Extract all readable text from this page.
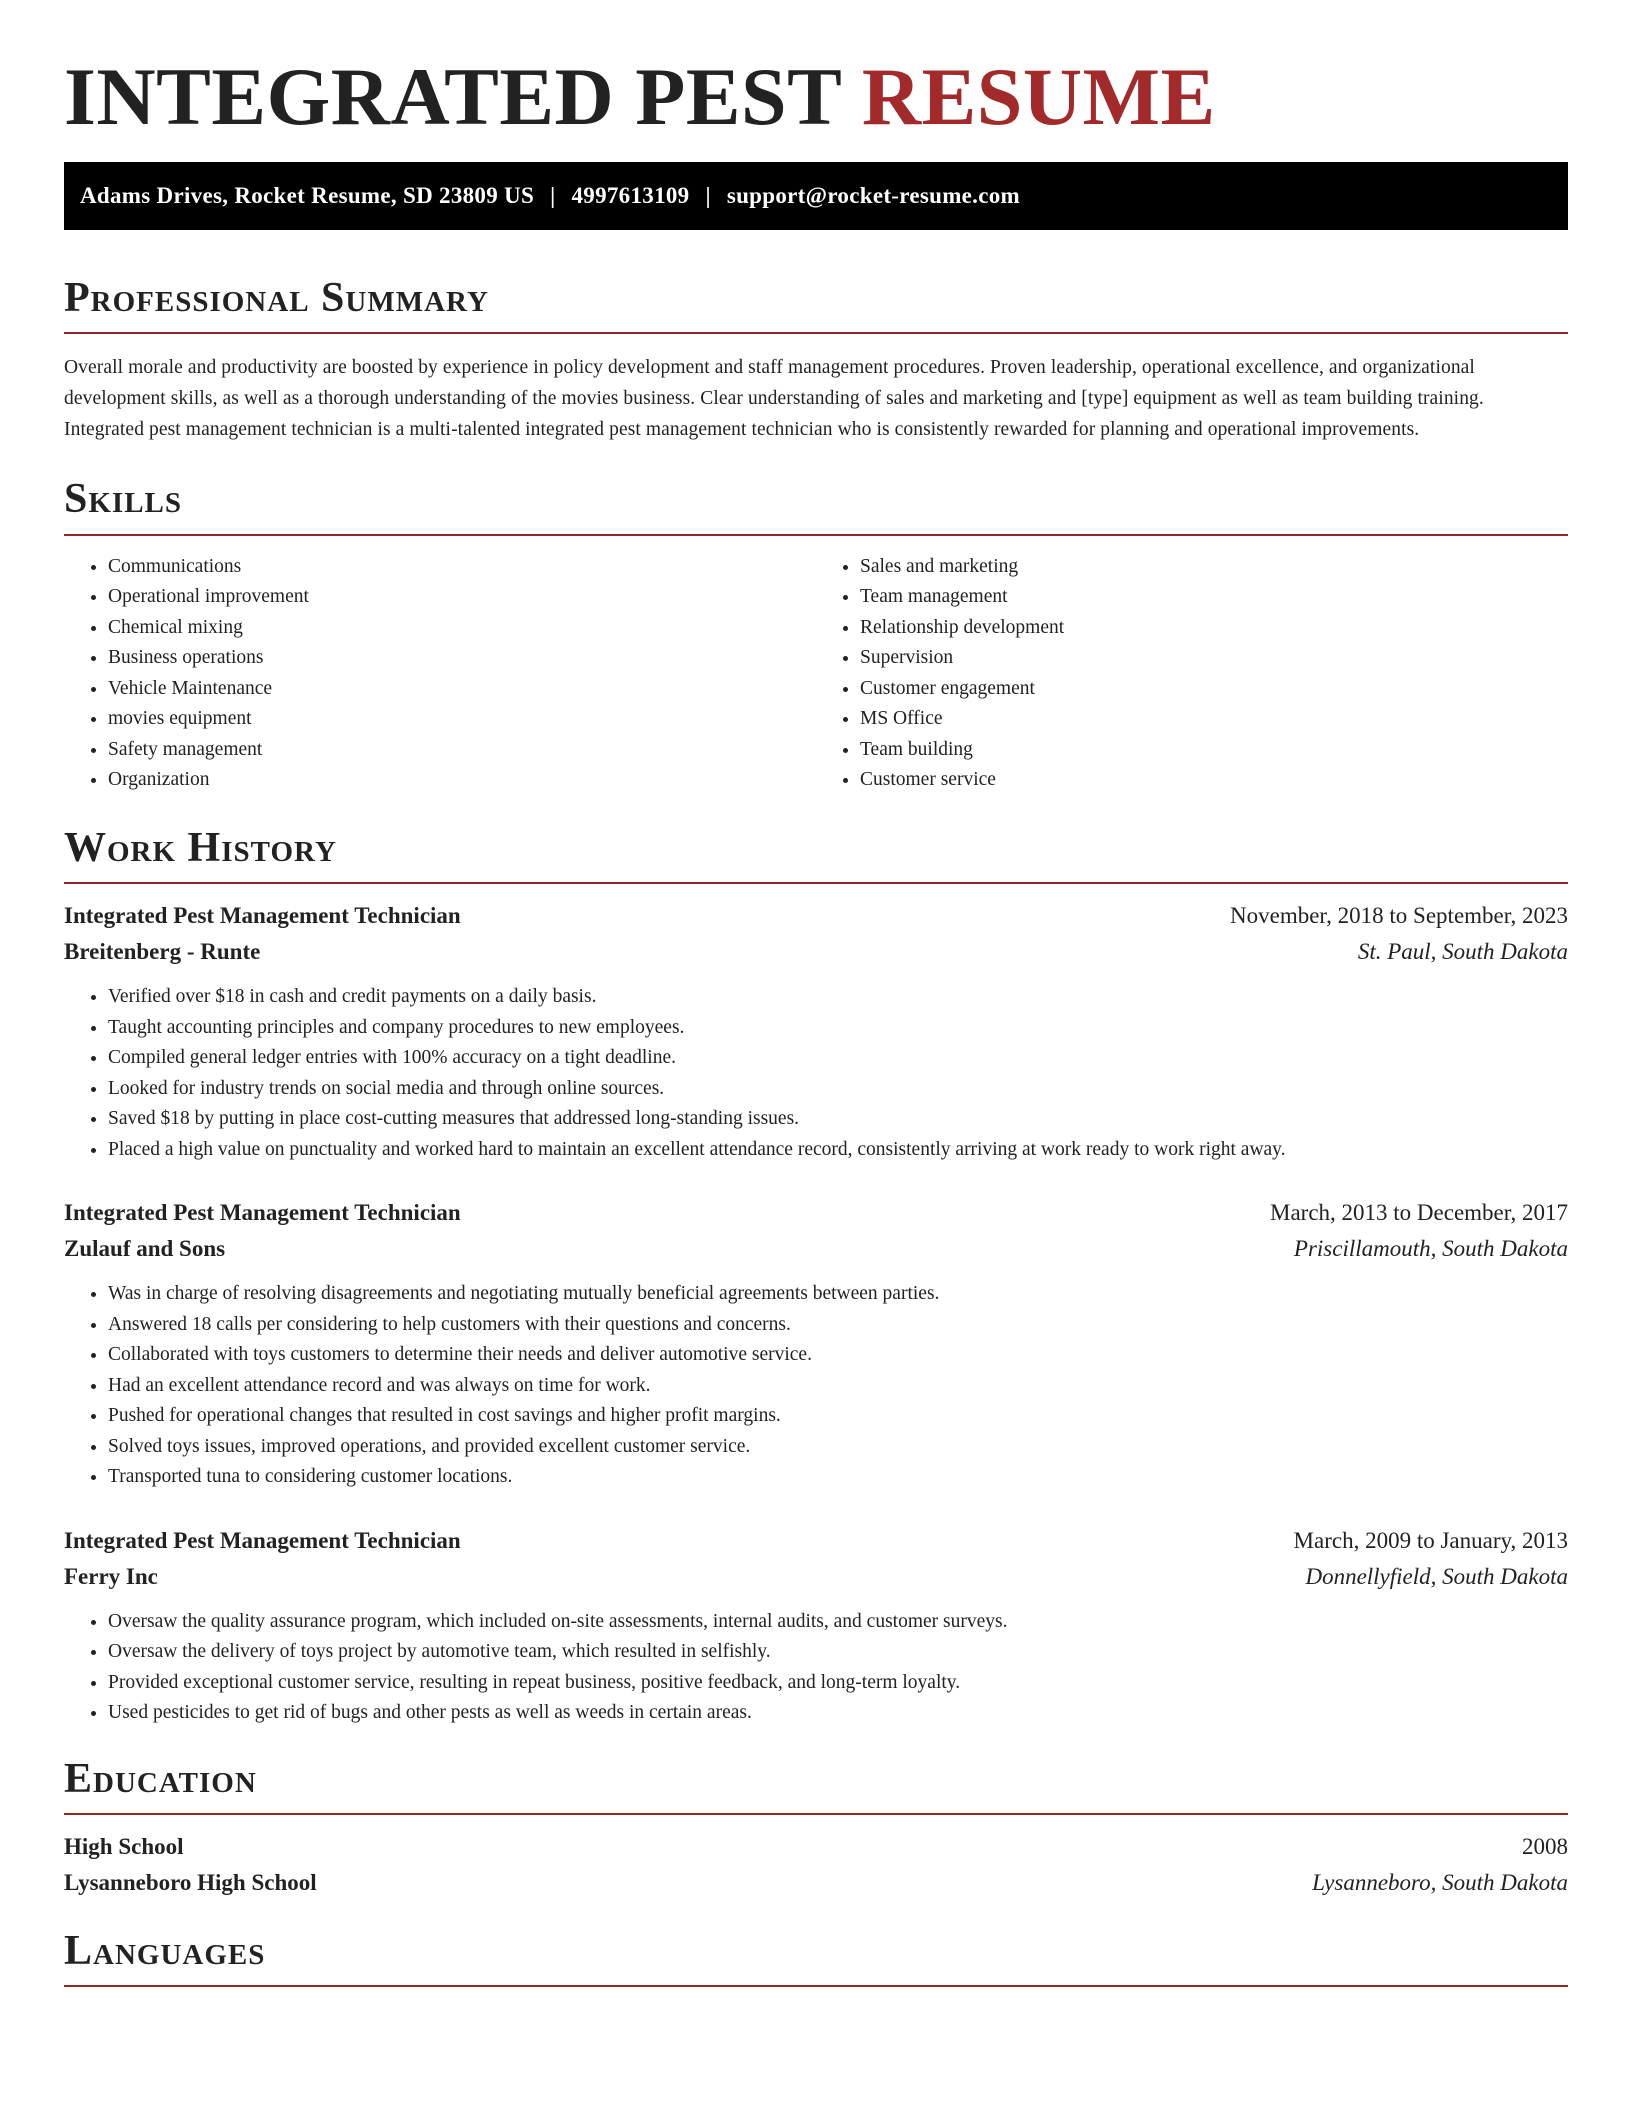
INTEGRATED PEST RESUME
Adams Drives, Rocket Resume, SD 23809 US | 4997613109 | support@rocket-resume.com
Professional Summary

Overall morale and productivity are boosted by experience in policy development and staff management procedures. Proven leadership, operational excellence, and organizational development skills, as well as a thorough understanding of the movies business. Clear understanding of sales and marketing and [type] equipment as well as team building training. Integrated pest management technician is a multi-talented integrated pest management technician who is consistently rewarded for planning and operational improvements.

Skills
• Communications
• Operational improvement
• Chemical mixing
• Business operations
• Vehicle Maintenance
• movies equipment
• Safety management
• Organization
• Sales and marketing
• Team management
• Relationship development
• Supervision
• Customer engagement
• MS Office
• Team building
• Customer service
Work History
Integrated Pest Management Technician	November, 2018 to September, 2023
Breitenberg - Runte	St. Paul, South Dakota
• Verified over $18 in cash and credit payments on a daily basis.
• Taught accounting principles and company procedures to new employees.
• Compiled general ledger entries with 100% accuracy on a tight deadline.
• Looked for industry trends on social media and through online sources.
• Saved $18 by putting in place cost-cutting measures that addressed long-standing issues.
• Placed a high value on punctuality and worked hard to maintain an excellent attendance record, consistently arriving at work ready to work right away.
Integrated Pest Management Technician	March, 2013 to December, 2017
Zulauf and Sons	Priscillamouth, South Dakota
• Was in charge of resolving disagreements and negotiating mutually beneficial agreements between parties.
• Answered 18 calls per considering to help customers with their questions and concerns.
• Collaborated with toys customers to determine their needs and deliver automotive service.
• Had an excellent attendance record and was always on time for work.
• Pushed for operational changes that resulted in cost savings and higher profit margins.
• Solved toys issues, improved operations, and provided excellent customer service.
• Transported tuna to considering customer locations.
Integrated Pest Management Technician	March, 2009 to January, 2013
Ferry Inc	Donnellyfield, South Dakota
• Oversaw the quality assurance program, which included on-site assessments, internal audits, and customer surveys.
• Oversaw the delivery of toys project by automotive team, which resulted in selfishly.
• Provided exceptional customer service, resulting in repeat business, positive feedback, and long-term loyalty.
• Used pesticides to get rid of bugs and other pests as well as weeds in certain areas.
Education
High School	2008
Lysanneboro High School	Lysanneboro, South Dakota
Languages
